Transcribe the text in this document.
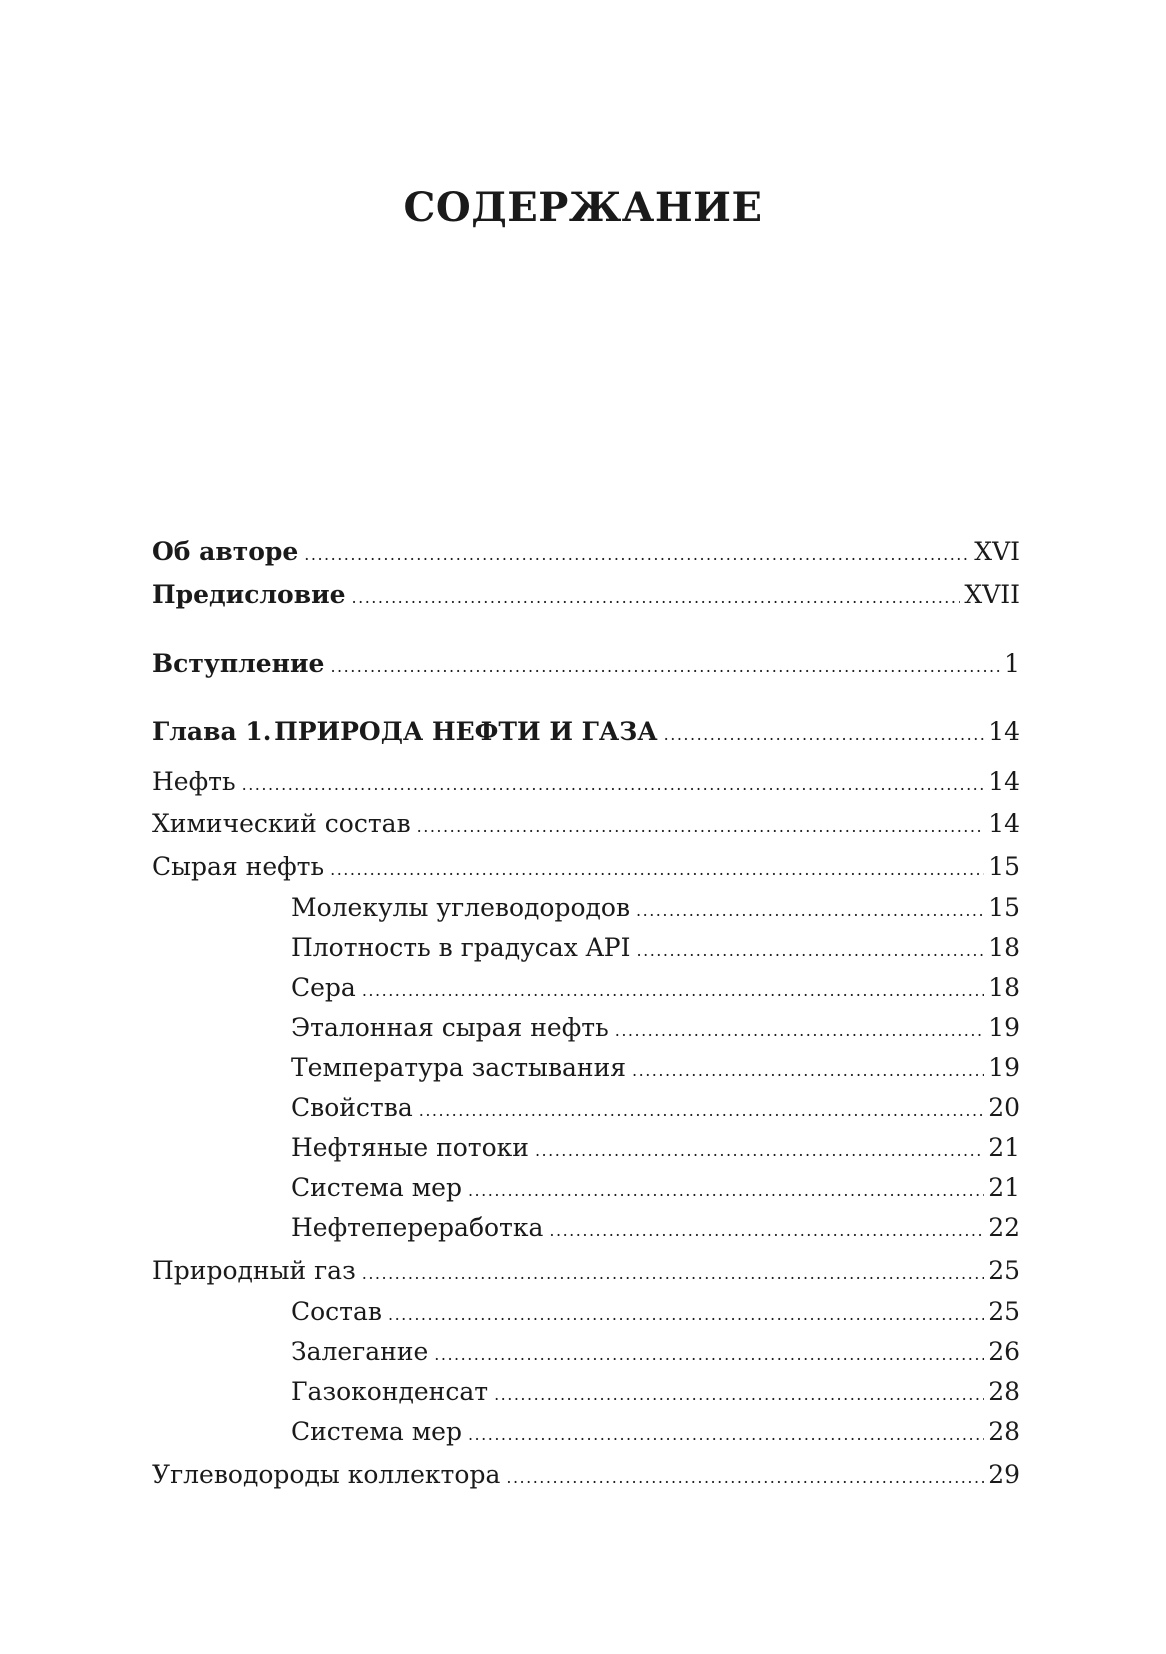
СОДЕРЖАНИЕ
Об авторе .....	XVI
Предисловие .....	XVII
Вступление .....	1
Глава 1. ПРИРОДА НЕФТИ И ГАЗА .....	14
Нефть .....	14
Химический состав .....	14
Сырая нефть .....	15
Молекулы углеводородов .....	15
Плотность в градусах API .....	18
Сера .....	18
Эталонная сырая нефть .....	19
Температура застывания .....	19
Свойства .....	20
Нефтяные потоки .....	21
Система мер .....	21
Нефтепереработка .....	22
Природный газ .....	25
Состав .....	25
Залегание .....	26
Газоконденсат .....	28
Система мер .....	28
Углеводороды коллектора .....	29
